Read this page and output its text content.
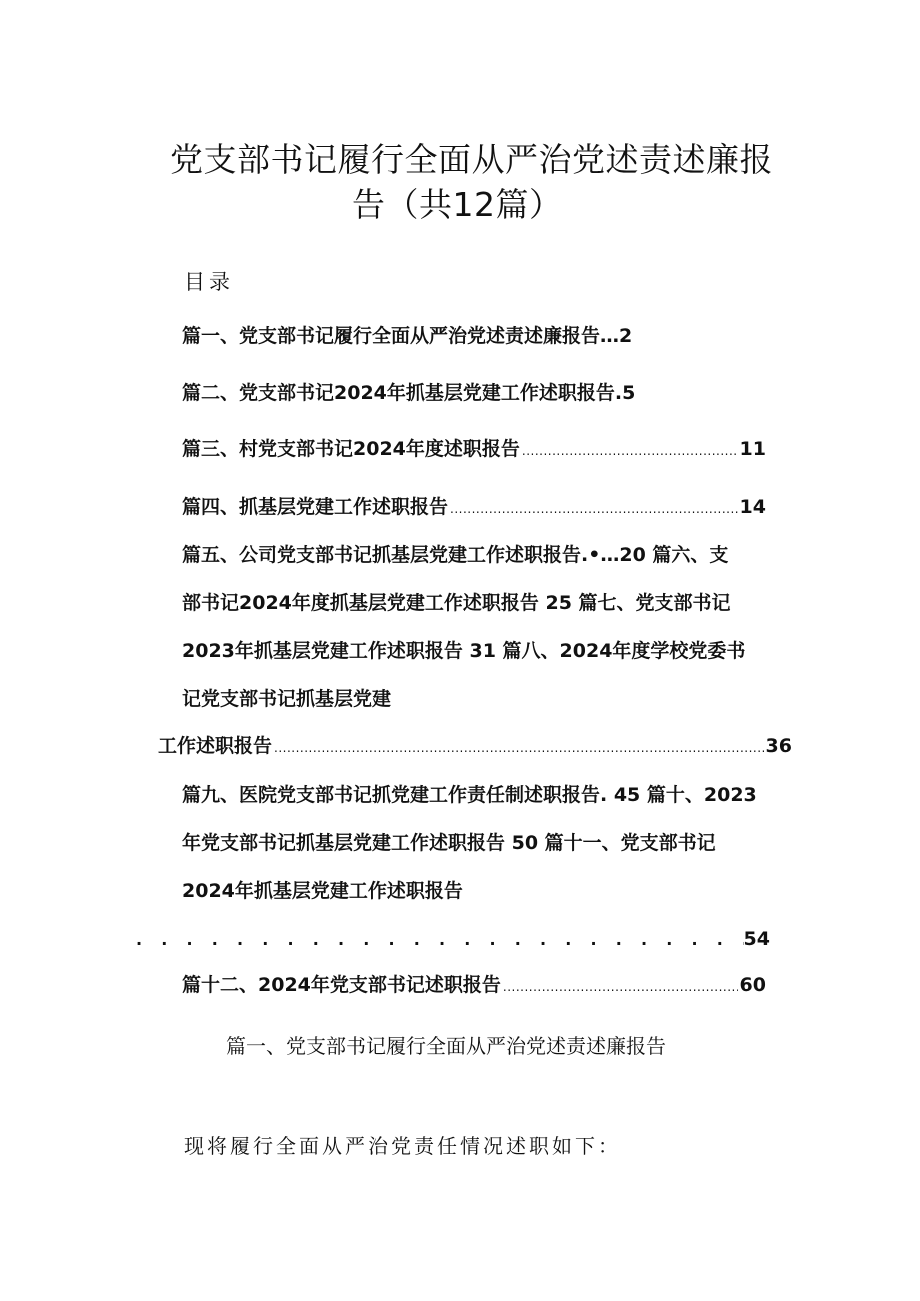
党支部书记履行全面从严治党述责述廉报
告（共12篇）
目录
篇一、党支部书记履行全面从严治党述责述廉报告…2
篇二、党支部书记2024年抓基层党建工作述职报告.5
篇三、村党支部书记2024年度述职报告 .....	11
篇四、抓基层党建工作述职报告 .....	14
篇五、公司党支部书记抓基层党建工作述职报告.•…20 篇六、支
部书记2024年度抓基层党建工作述职报告 25 篇七、党支部书记
2023年抓基层党建工作述职报告 31 篇八、2024年度学校党委书
记党支部书记抓基层党建
工作述职报告 .....	36
篇九、医院党支部书记抓党建工作责任制述职报告. 45 篇十、2023
年党支部书记抓基层党建工作述职报告 50 篇十一、党支部书记
2024年抓基层党建工作述职报告
. . .
54
篇十二、2024年党支部书记述职报告 .....	60
篇一、党支部书记履行全面从严治党述责述廉报告
现将履行全面从严治党责任情况述职如下：
